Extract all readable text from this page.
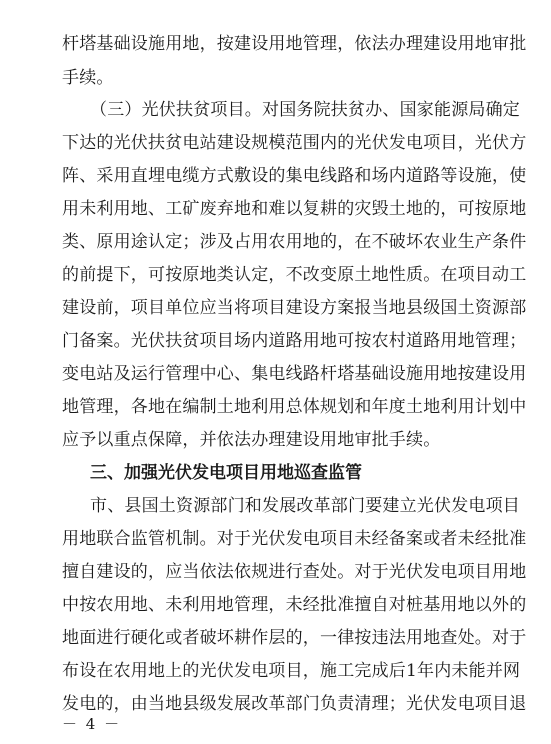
杆塔基础设施用地，按建设用地管理，依法办理建设用地审批
手续。
（三）光伏扶贫项目。对国务院扶贫办、国家能源局确定
下达的光伏扶贫电站建设规模范围内的光伏发电项目，光伏方
阵、采用直埋电缆方式敷设的集电线路和场内道路等设施，使
用未利用地、工矿废弃地和难以复耕的灾毁土地的，可按原地
类、原用途认定；涉及占用农用地的，在不破坏农业生产条件
的前提下，可按原地类认定，不改变原土地性质。在项目动工
建设前，项目单位应当将项目建设方案报当地县级国土资源部
门备案。光伏扶贫项目场内道路用地可按农村道路用地管理；
变电站及运行管理中心、集电线路杆塔基础设施用地按建设用
地管理，各地在编制土地利用总体规划和年度土地利用计划中
应予以重点保障，并依法办理建设用地审批手续。
三、加强光伏发电项目用地巡查监管
市、县国土资源部门和发展改革部门要建立光伏发电项目
用地联合监管机制。对于光伏发电项目未经备案或者未经批准
擅自建设的，应当依法依规进行查处。对于光伏发电项目用地
中按农用地、未利用地管理，未经批准擅自对桩基用地以外的
地面进行硬化或者破坏耕作层的，一律按违法用地查处。对于
布设在农用地上的光伏发电项目，施工完成后1年内未能并网
发电的，由当地县级发展改革部门负责清理；光伏发电项目退
－ 4 －
